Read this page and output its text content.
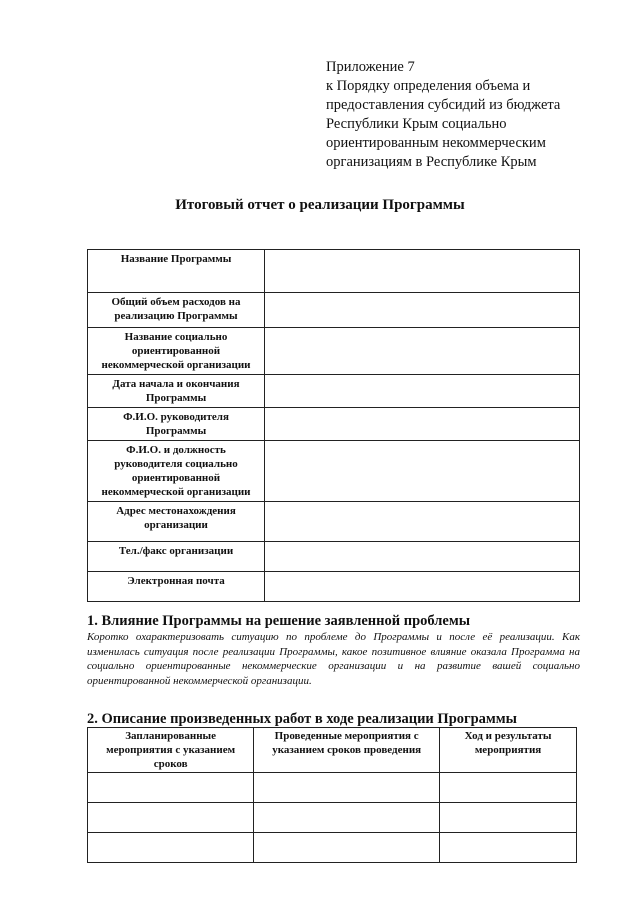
Приложение 7
к Порядку определения объема и
предоставления субсидий из бюджета
Республики Крым социально
ориентированным некоммерческим
организациям в Республике Крым
Итоговый отчет о реализации Программы
Название Программы	
Общий объем расходов на реализацию Программы	
Название социально ориентированной некоммерческой организации	
Дата начала и окончания Программы	
Ф.И.О. руководителя Программы	
Ф.И.О. и должность руководителя социально ориентированной некоммерческой организации	
Адрес местонахождения организации	
Тел./факс организации	
Электронная почта	
1. Влияние Программы на решение заявленной проблемы
Коротко охарактеризовать ситуацию по проблеме до Программы и после её реализации. Как изменилась ситуация после реализации Программы, какое позитивное влияние оказала Программа на социально ориентированные некоммерческие организации и на развитие вашей социально ориентированной некоммерческой организации.
2. Описание произведенных работ в ходе реализации Программы
Запланированные мероприятия с указанием сроков	Проведенные мероприятия с указанием сроков проведения	Ход и результаты мероприятия
